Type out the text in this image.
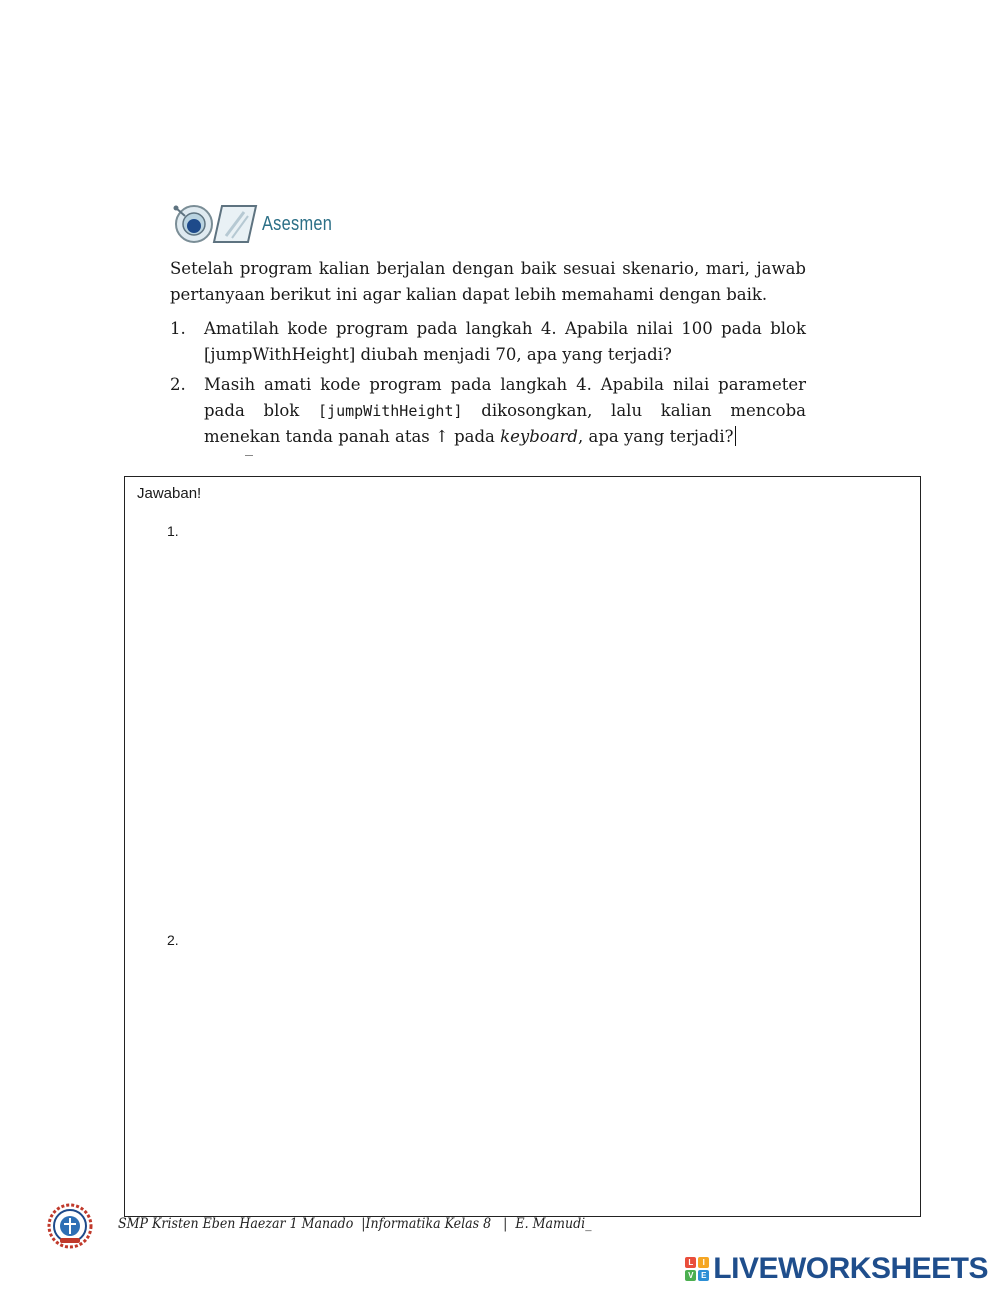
Asesmen
Setelah program kalian berjalan dengan baik sesuai skenario, mari, jawab pertanyaan berikut ini agar kalian dapat lebih memahami dengan baik.
1.	Amatilah kode program pada langkah 4. Apabila nilai 100 pada blok [jumpWithHeight] diubah menjadi 70, apa yang terjadi?
2.	Masih amati kode program pada langkah 4. Apabila nilai parameter pada blok [jumpWithHeight] dikosongkan, lalu kalian mencoba menekan tanda panah atas ↑ pada keyboard, apa yang terjadi?
Jawaban!
1.
2.
SMP Kristen Eben Haezar 1 Manado  |Informatika Kelas 8   |  E. Mamudi_
L	I
V E LIVEWORKSHEETS
